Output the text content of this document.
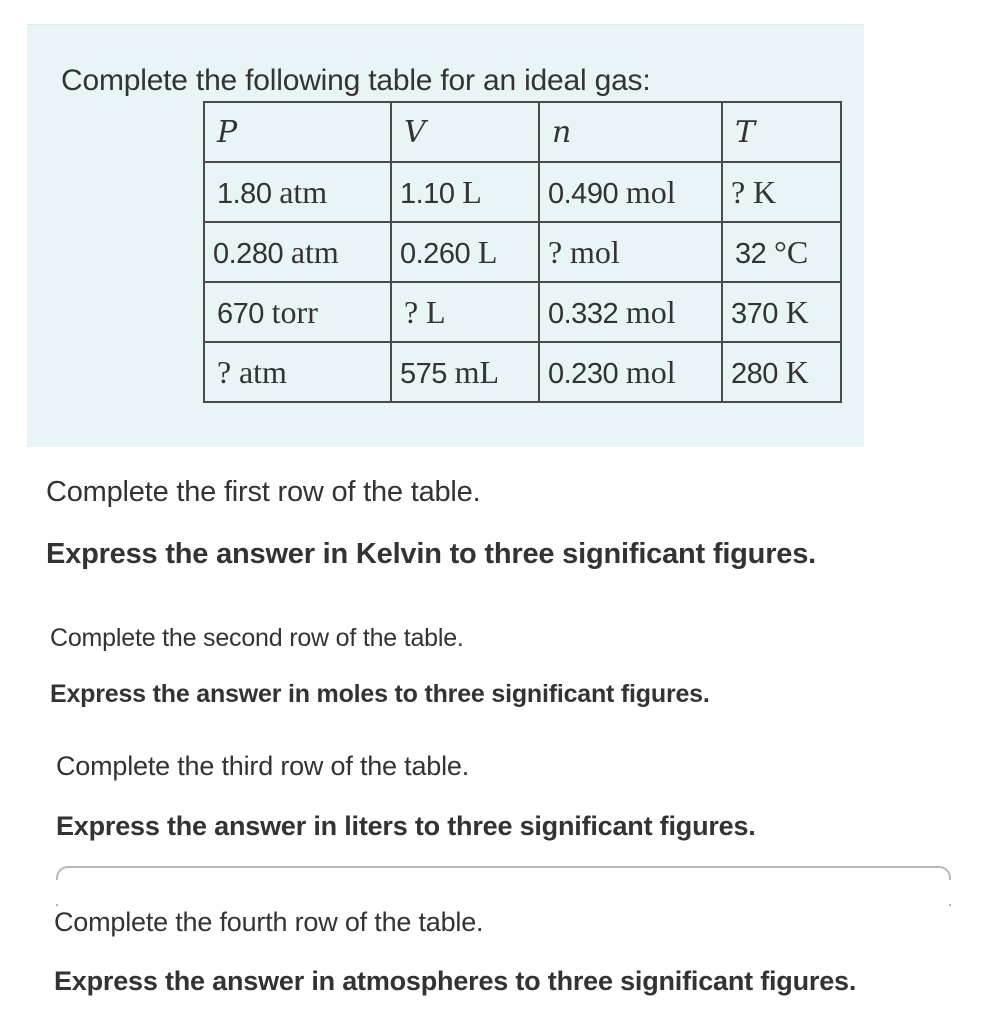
Complete the following table for an ideal gas:

P	V	n	T
1.80 atm	1.10 L	0.490 mol	? K
0.280 atm	0.260 L	? mol	32 °C
670 torr	? L	0.332 mol	370 K
? atm	575 mL	0.230 mol	280 K

Complete the first row of the table.

Express the answer in Kelvin to three significant figures.

Complete the second row of the table.

Express the answer in moles to three significant figures.

Complete the third row of the table.

Express the answer in liters to three significant figures.

Complete the fourth row of the table.

Express the answer in atmospheres to three significant figures.
